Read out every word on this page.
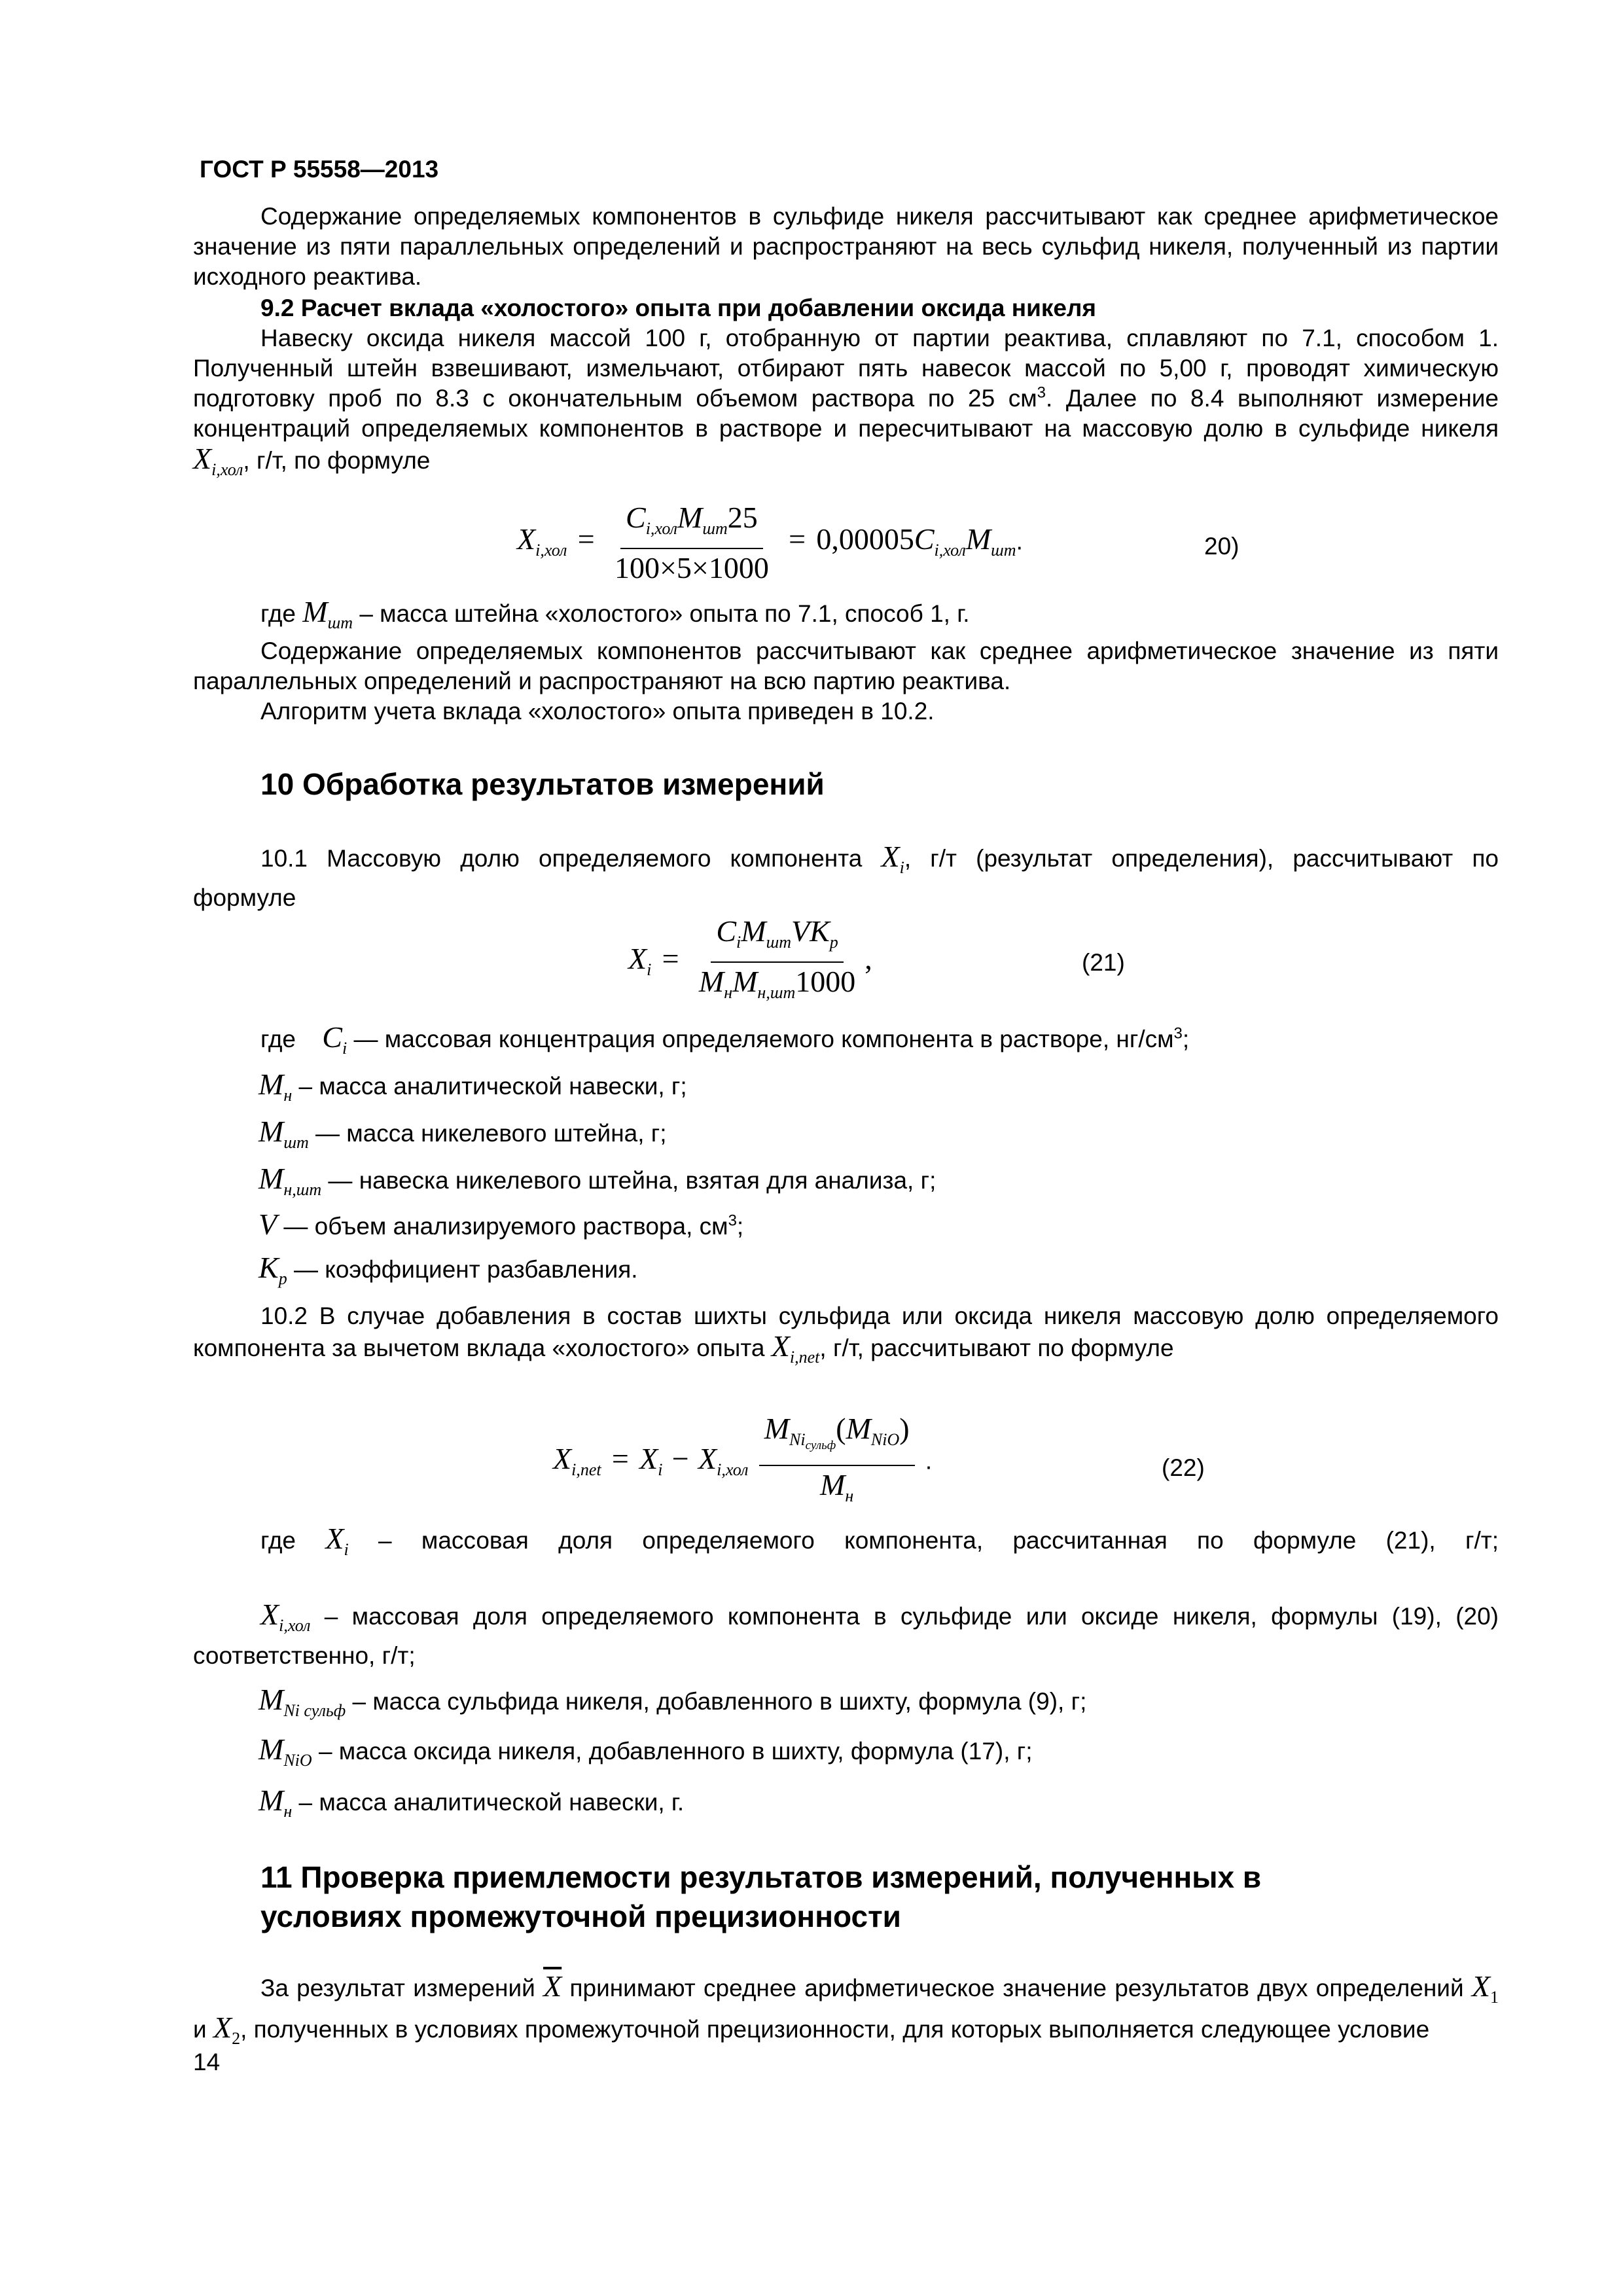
ГОСТ Р 55558—2013

Содержание определяемых компонентов в сульфиде никеля рассчитывают как среднее арифметическое значение из пяти параллельных определений и распространяют на весь сульфид никеля, полученный из партии исходного реактива.

9.2 Расчет вклада «холостого» опыта при добавлении оксида никеля

Навеску оксида никеля массой 100 г, отобранную от партии реактива, сплавляют по 7.1, способом 1. Полученный штейн взвешивают, измельчают, отбирают пять навесок массой по 5,00 г, проводят химическую подготовку проб по 8.3 с окончательным объемом раствора по 25 $см^3$. Далее по 8.4 выполняют измерение концентраций определяемых компонентов в растворе и пересчитывают на массовую долю в сульфиде никеля $X_{i,хол}$, г/т, по формуле

$X_{i,хол} = \frac{C_{i,хол}M_{шт}25}{100\times 5\times 1000} = 0,00005C_{i,хол}M_{шт}$.	20)
где $M_{шт}$ – масса штейна «холостого» опыта по 7.1, способ 1, г.

Содержание определяемых компонентов рассчитывают как среднее арифметическое значение из пяти параллельных определений и распространяют на всю партию реактива.

Алгоритм учета вклада «холостого» опыта приведен в 10.2.

10 Обработка результатов измерений

10.1 Массовую долю определяемого компонента $X_i$, г/т (результат определения), рассчитывают по формуле

$X_i = \frac{C_iM_{шт}VK_p}{M_нM_{н,шт}1000}$ ,	(21)
где $C_i$ — массовая концентрация определяемого компонента в растворе, $нг/см^3$;
$M_н$ – масса аналитической навески, г;
$M_{шт}$ — масса никелевого штейна, г;
$M_{н,шт}$ — навеска никелевого штейна, взятая для анализа, г;
V — объем анализируемого раствора, $см^3$;
$K_p$ — коэффициент разбавления.

10.2 В случае добавления в состав шихты сульфида или оксида никеля массовую долю определяемого компонента за вычетом вклада «холостого» опыта $X_{i,net}$, г/т, рассчитывают по формуле

$X_{i,net} = X_i - X_{i,хол} \frac{M_{Ni_{сульф}}(M_{NiO})}{M_н}$ .	(22)

где $X_i$ – массовая доля определяемого компонента, рассчитанная по формуле (21), г/т;

$X_{i,хол}$ – массовая доля определяемого компонента в сульфиде или оксиде никеля, формулы (19), (20) соответственно, г/т;

$M_{Ni сульф}$ – масса сульфида никеля, добавленного в шихту, формула (9), г;
$M_{NiO}$ – масса оксида никеля, добавленного в шихту, формула (17), г;
$M_н$ – масса аналитической навески, г.
11 Проверка приемлемости результатов измерений, полученных в
условиях промежуточной прецизионности

За результат измерений $\overline{X}$ принимают среднее арифметическое значение результатов двух определений $X_1$ и $X_2$, полученных в условиях промежуточной прецизионности, для которых выполняется следующее условие

14
